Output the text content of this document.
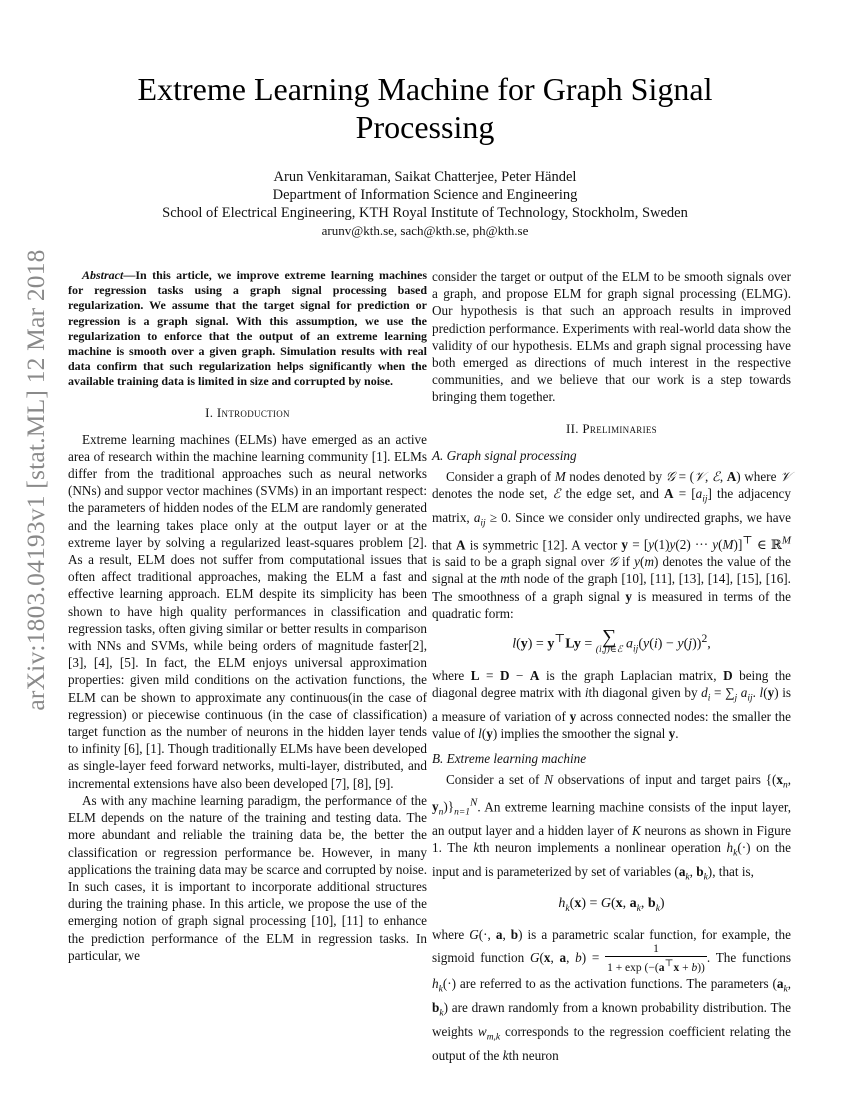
arXiv:1803.04193v1 [stat.ML] 12 Mar 2018
Extreme Learning Machine for Graph Signal Processing
Arun Venkitaraman, Saikat Chatterjee, Peter Händel
Department of Information Science and Engineering
School of Electrical Engineering, KTH Royal Institute of Technology, Stockholm, Sweden
arunv@kth.se, sach@kth.se, ph@kth.se

Abstract—In this article, we improve extreme learning machines for regression tasks using a graph signal processing based regularization. We assume that the target signal for prediction or regression is a graph signal. With this assumption, we use the regularization to enforce that the output of an extreme learning machine is smooth over a given graph. Simulation results with real data confirm that such regularization helps significantly when the available training data is limited in size and corrupted by noise.

I. Introduction

Extreme learning machines (ELMs) have emerged as an active area of research within the machine learning community [1]. ELMs differ from the traditional approaches such as neural networks (NNs) and suppor vector machines (SVMs) in an important respect: the parameters of hidden nodes of the ELM are randomly generated and the learning takes place only at the output layer or at the extreme layer by solving a regularized least-squares problem [2]. As a result, ELM does not suffer from computational issues that often affect traditional approaches, making the ELM a fast and effective learning approach. ELM despite its simplicity has been shown to have high quality performances in classification and regression tasks, often giving similar or better results in comparison with NNs and SVMs, while being orders of magnitude faster[2], [3], [4], [5]. In fact, the ELM enjoys universal approximation properties: given mild conditions on the activation functions, the ELM can be shown to approximate any continuous(in the case of regression) or piecewise continuous (in the case of classification) target function as the number of neurons in the hidden layer tends to infinity [6], [1]. Though traditionally ELMs have been developed as single-layer feed forward networks, multi-layer, distributed, and incremental extensions have also been developed [7], [8], [9].

As with any machine learning paradigm, the performance of the ELM depends on the nature of the training and testing data. The more abundant and reliable the training data be, the better the classification or regression performance be. However, in many applications the training data may be scarce and corrupted by noise. In such cases, it is important to incorporate additional structures during the training phase. In this article, we propose the use of the emerging notion of graph signal processing [10], [11] to enhance the prediction performance of the ELM in regression tasks. In particular, we

consider the target or output of the ELM to be smooth signals over a graph, and propose ELM for graph signal processing (ELMG). Our hypothesis is that such an approach results in improved prediction performance. Experiments with real-world data show the validity of our hypothesis. ELMs and graph signal processing have both emerged as directions of much interest in the respective communities, and we believe that our work is a step towards bringing them together.

II. Preliminaries
A. Graph signal processing

Consider a graph of M nodes denoted by 𝒢 = (𝒱, ℰ, A) where 𝒱 denotes the node set, ℰ the edge set, and $A = [a_{ij}]$ the adjacency matrix, $a_{ij} \ge 0$. Since we consider only undirected graphs, we have that A is symmetric [12]. A vector y = [y(1)y(2) ··· y(M)]⊤ ∈ ℝ$^M$ is said to be a graph signal over 𝒢 if y(m) denotes the value of the signal at the mth node of the graph [10], [11], [13], [14], [15], [16]. The smoothness of a graph signal y is measured in terms of the quadratic form:

l(y) = y⊤Ly = ∑
(i,j)∈ℰ $a_{ij}(y(i) - y(j))^2$,

where L = D − A is the graph Laplacian matrix, D being the diagonal degree matrix with ith diagonal given by $d_i = \sum_j$ $a_{ij}$. l(y) is a measure of variation of y across connected nodes: the smaller the value of l(y) implies the smoother the signal y.

B. Extreme learning machine

Consider a set of N observations of input and target pairs {($x_n$, $y_n)\}_{n=1}^N$. An extreme learning machine consists of the input layer, an output layer and a hidden layer of K neurons as shown in Figure 1. The kth neuron implements a nonlinear operation $h_k(\cdot)$ on the input and is parameterized by set of variables ($a_k$, $b_k$), that is,

$h_k(x) = G(x$, $a_k$, $b_k$)

where G(·, a, b) is a parametric scalar function, for example, the sigmoid function G(x, a, $b) = \frac{1}{1 + \exp (-(a^⊤x + b))}$ . The functions $h_k(\cdot)$ are referred to as the activation functions. The parameters ($a_k$, $b_k$) are drawn randomly from a known probability distribution. The weights $w_{m,k}$ corresponds to the regression coefficient relating the output of the kth neuron
